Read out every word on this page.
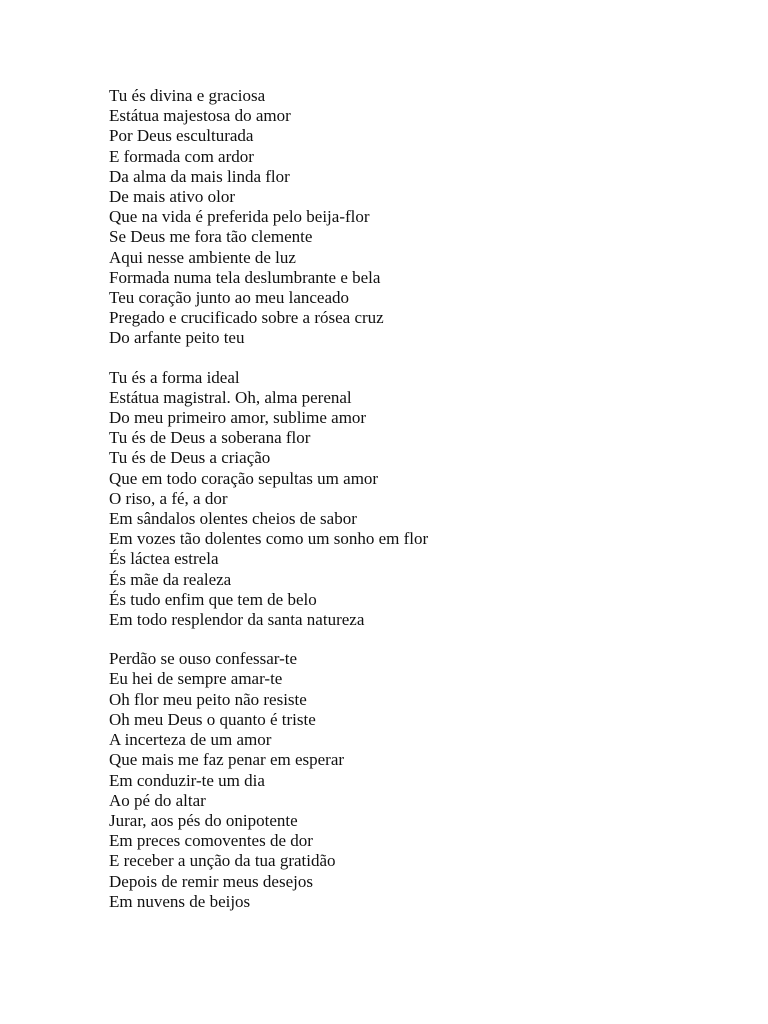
Tu és divina e graciosa
Estátua majestosa do amor
Por Deus esculturada
E formada com ardor
Da alma da mais linda flor
De mais ativo olor
Que na vida é preferida pelo beija-flor
Se Deus me fora tão clemente
Aqui nesse ambiente de luz
Formada numa tela deslumbrante e bela
Teu coração junto ao meu lanceado
Pregado e crucificado sobre a rósea cruz
Do arfante peito teu

Tu és a forma ideal
Estátua magistral. Oh, alma perenal
Do meu primeiro amor, sublime amor
Tu és de Deus a soberana flor
Tu és de Deus a criação
Que em todo coração sepultas um amor
O riso, a fé, a dor
Em sândalos olentes cheios de sabor
Em vozes tão dolentes como um sonho em flor
És láctea estrela
És mãe da realeza
És tudo enfim que tem de belo
Em todo resplendor da santa natureza

Perdão se ouso confessar-te
Eu hei de sempre amar-te
Oh flor meu peito não resiste
Oh meu Deus o quanto é triste
A incerteza de um amor
Que mais me faz penar em esperar
Em conduzir-te um dia
Ao pé do altar
Jurar, aos pés do onipotente
Em preces comoventes de dor
E receber a unção da tua gratidão
Depois de remir meus desejos
Em nuvens de beijos
